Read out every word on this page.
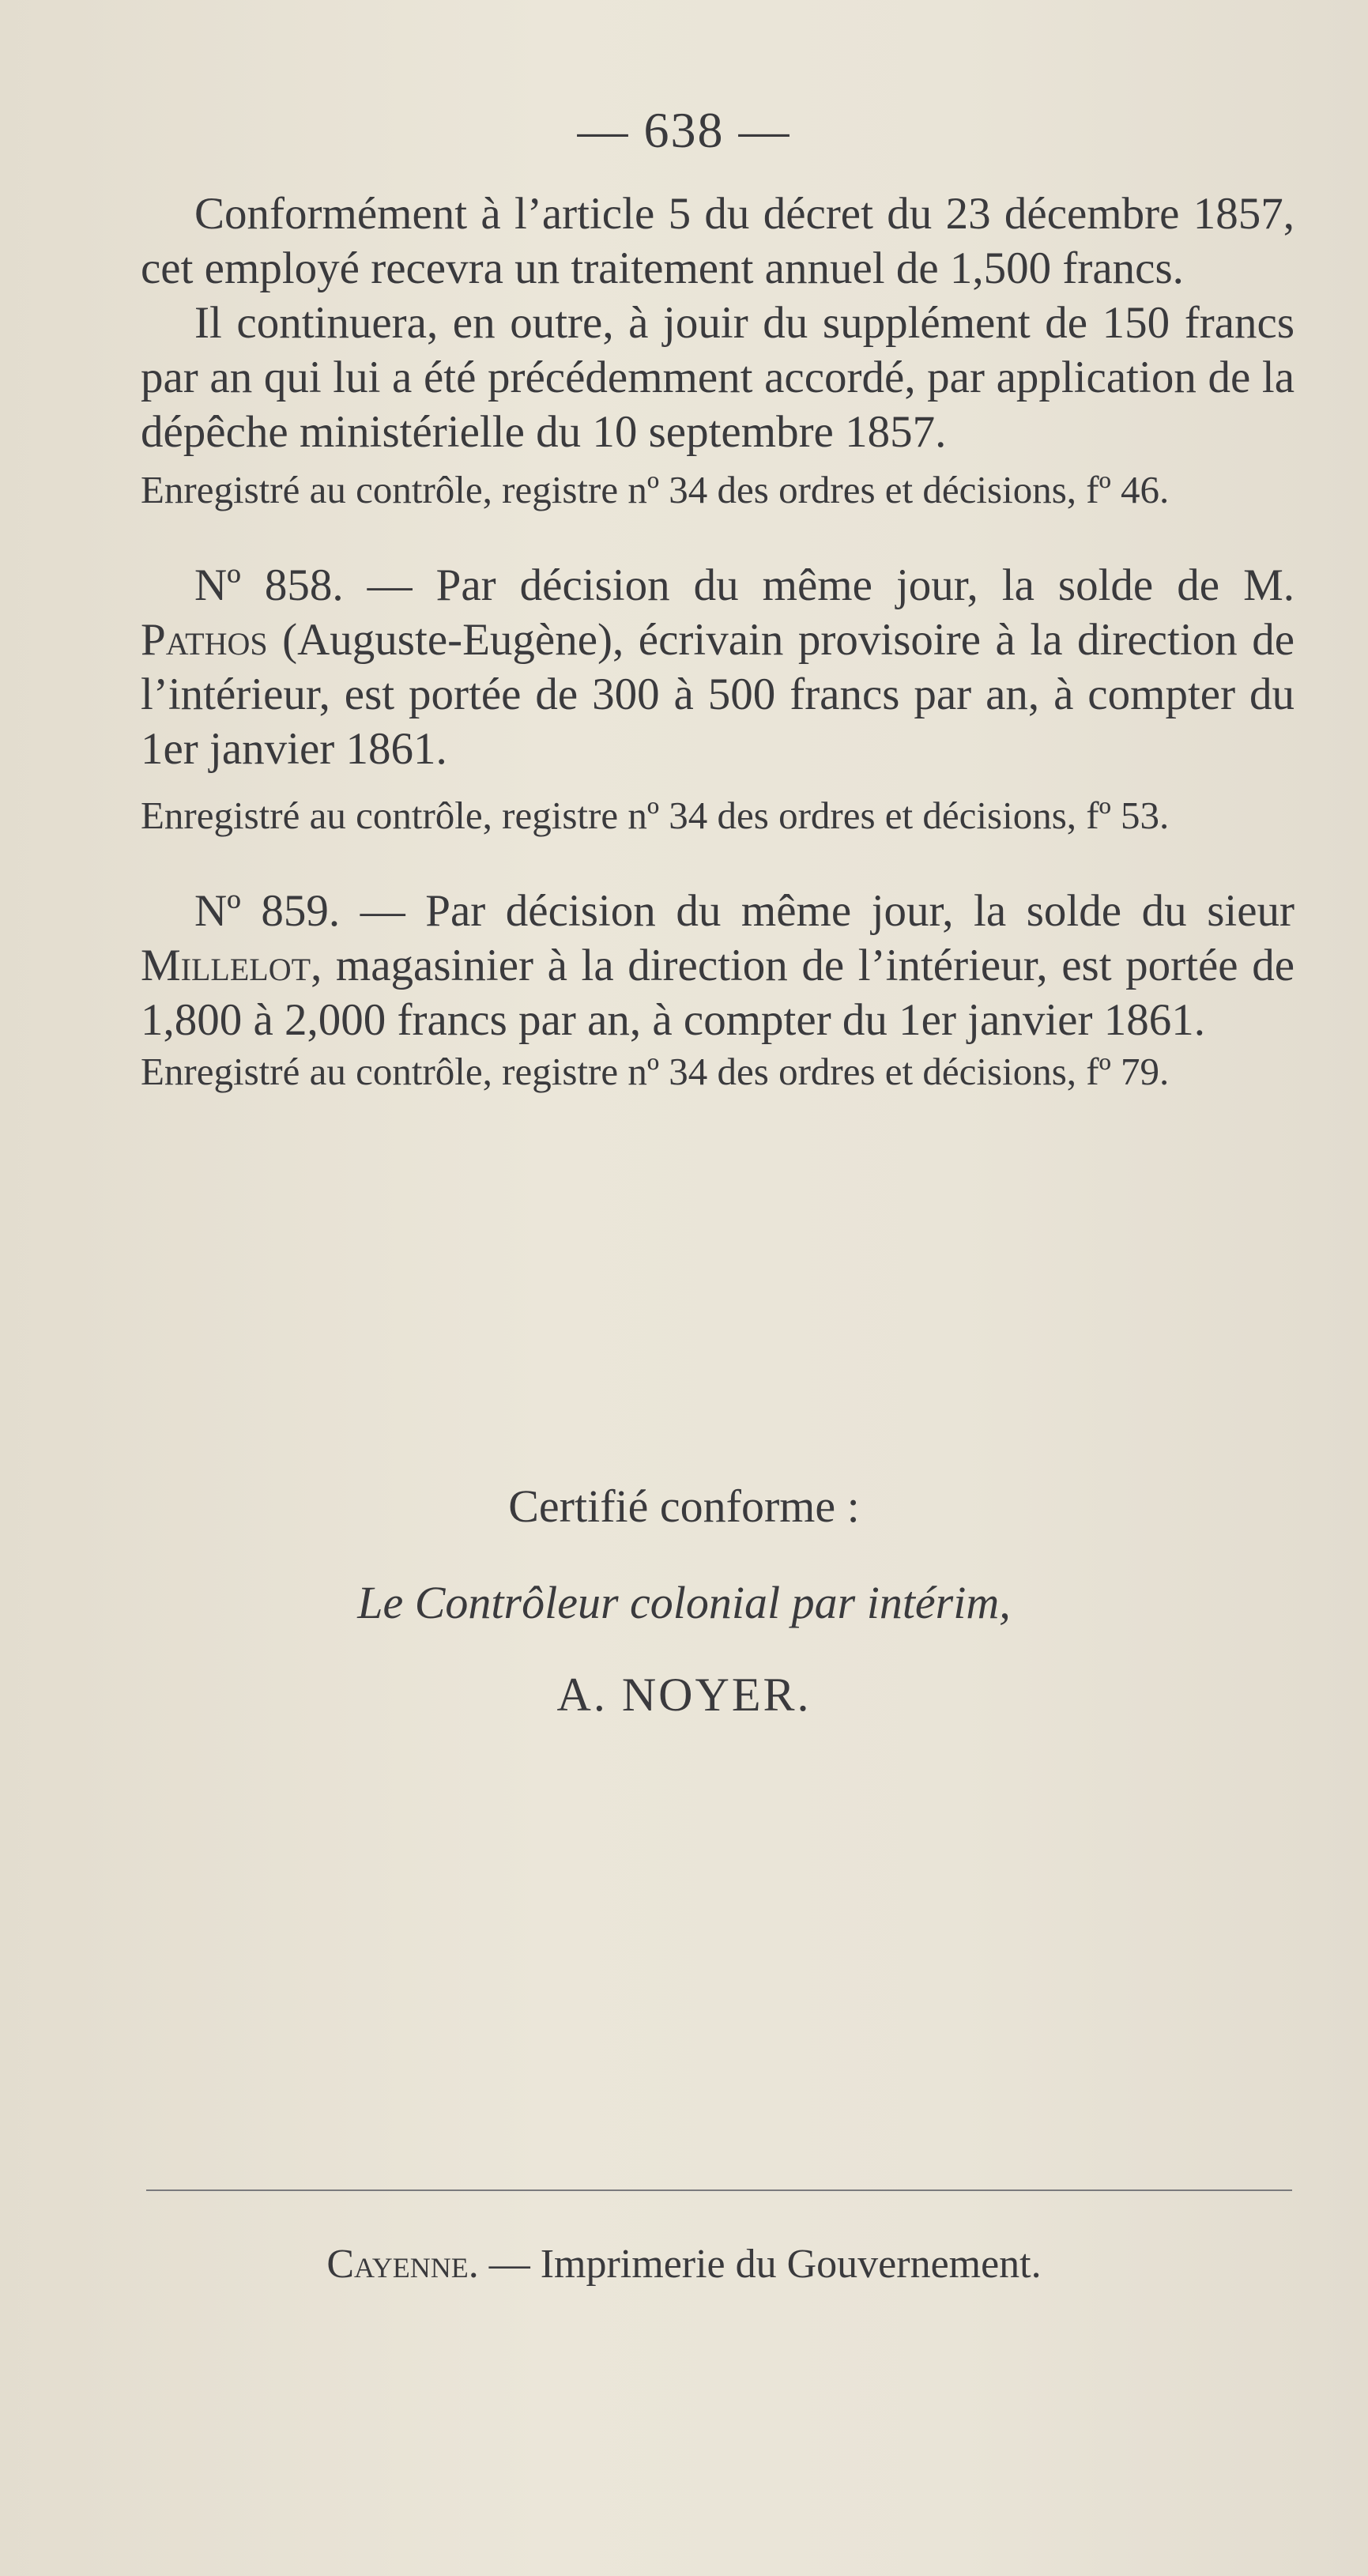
— 638 —

Conformément à l’article 5 du décret du 23 décembre 1857, cet employé recevra un traitement annuel de 1,500 francs.

Il continuera, en outre, à jouir du supplément de 150 francs par an qui lui a été précédemment accordé, par application de la dépêche ministérielle du 10 septembre 1857.

Enregistré au contrôle, registre nº 34 des ordres et décisions, fº 46.

Nº 858. — Par décision du même jour, la solde de M. Pathos (Auguste-Eugène), écrivain provisoire à la direction de l’intérieur, est portée de 300 à 500 francs par an, à compter du 1er janvier 1861.

Enregistré au contrôle, registre nº 34 des ordres et décisions, fº 53.

Nº 859. — Par décision du même jour, la solde du sieur Millelot, magasinier à la direction de l’intérieur, est portée de 1,800 à 2,000 francs par an, à compter du 1er janvier 1861.

Enregistré au contrôle, registre nº 34 des ordres et décisions, fº 79.

Certifié conforme :
Le Contrôleur colonial par intérim,
A. NOYER.
Cayenne. — Imprimerie du Gouvernement.
